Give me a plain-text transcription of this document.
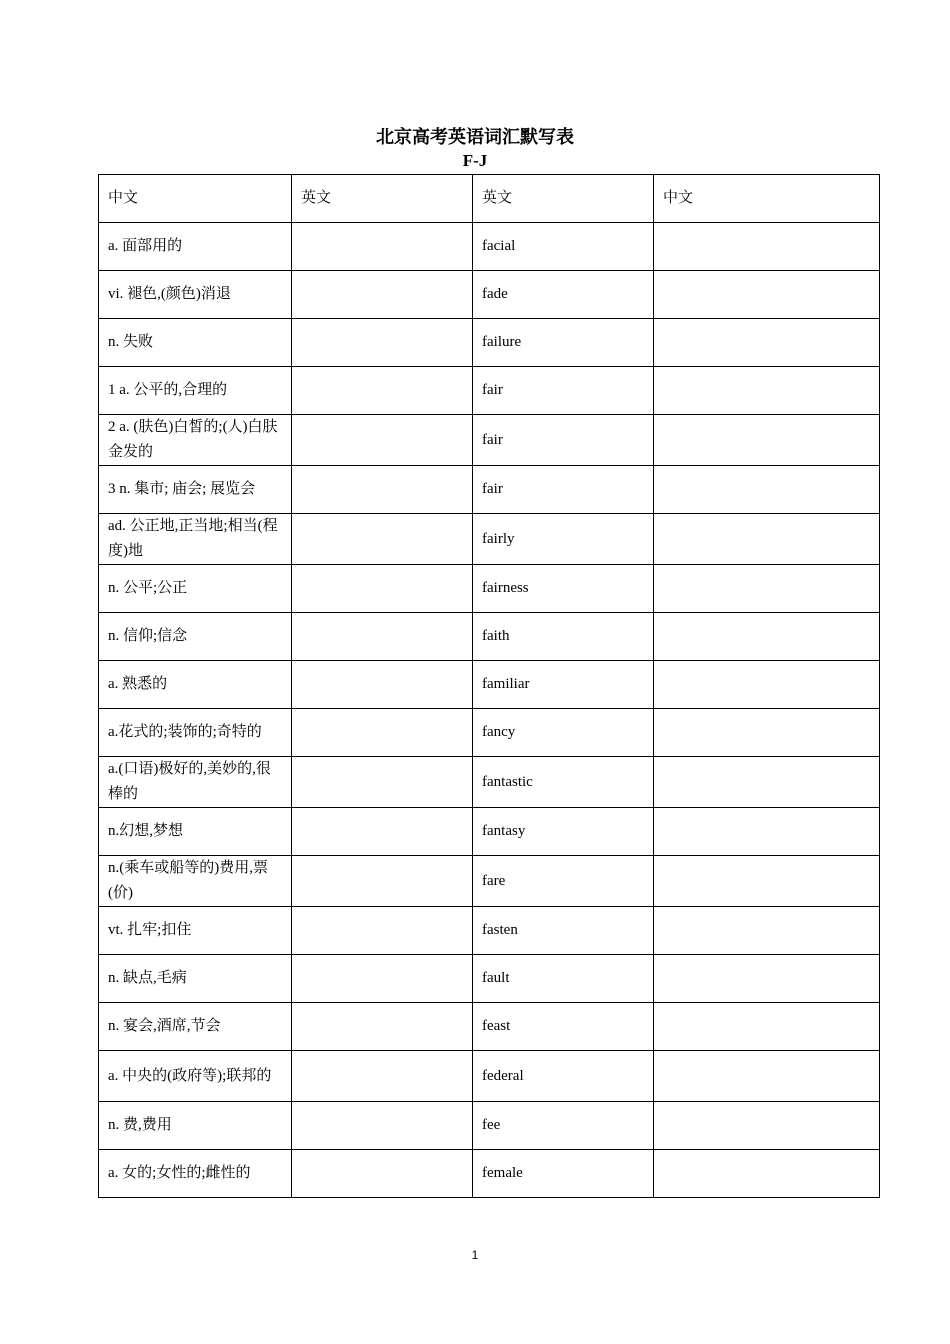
北京高考英语词汇默写表
F-J
中文	英文	英文	中文
a. 面部用的		facial	
vi. 褪色,(颜色)消退		fade	
n. 失败		failure	
1 a. 公平的,合理的		fair	
2 a. (肤色)白皙的;(人)白肤金发的		fair	
3 n. 集市; 庙会; 展览会		fair	
ad. 公正地,正当地;相当(程度)地		fairly	
n. 公平;公正		fairness	
n. 信仰;信念		faith	
a. 熟悉的		familiar	
a.花式的;装饰的;奇特的		fancy	
a.(口语)极好的,美妙的,很棒的		fantastic	
n.幻想,梦想		fantasy	
n.(乘车或船等的)费用,票(价)		fare	
vt. 扎牢;扣住		fasten	
n. 缺点,毛病		fault	
n. 宴会,酒席,节会		feast	
a. 中央的(政府等);联邦的		federal	
n. 费,费用		fee	
a. 女的;女性的;雌性的		female	
1
